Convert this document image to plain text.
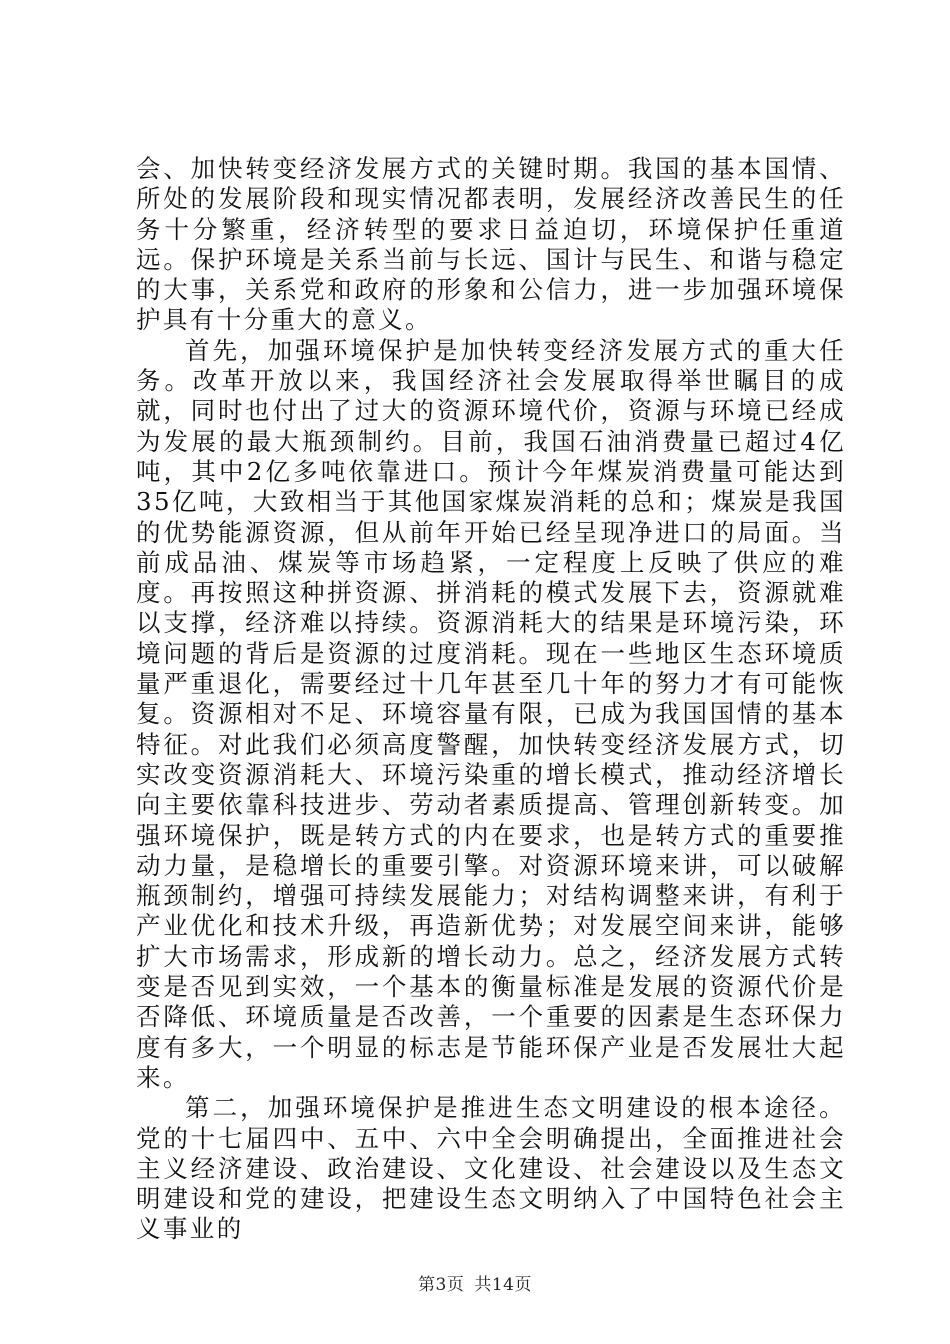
会、加快转变经济发展方式的关键时期。我国的基本国情、所处的发展阶段和现实情况都表明，发展经济改善民生的任务十分繁重，经济转型的要求日益迫切，环境保护任重道远。保护环境是关系当前与长远、国计与民生、和谐与稳定的大事，关系党和政府的形象和公信力，进一步加强环境保护具有十分重大的意义。

首先，加强环境保护是加快转变经济发展方式的重大任务。改革开放以来，我国经济社会发展取得举世瞩目的成就，同时也付出了过大的资源环境代价，资源与环境已经成为发展的最大瓶颈制约。目前，我国石油消费量已超过4亿吨，其中2亿多吨依靠进口。预计今年煤炭消费量可能达到35亿吨，大致相当于其他国家煤炭消耗的总和；煤炭是我国的优势能源资源，但从前年开始已经呈现净进口的局面。当前成品油、煤炭等市场趋紧，一定程度上反映了供应的难度。再按照这种拼资源、拼消耗的模式发展下去，资源就难以支撑，经济难以持续。资源消耗大的结果是环境污染，环境问题的背后是资源的过度消耗。现在一些地区生态环境质量严重退化，需要经过十几年甚至几十年的努力才有可能恢复。资源相对不足、环境容量有限，已成为我国国情的基本特征。对此我们必须高度警醒，加快转变经济发展方式，切实改变资源消耗大、环境污染重的增长模式，推动经济增长向主要依靠科技进步、劳动者素质提高、管理创新转变。加强环境保护，既是转方式的内在要求，也是转方式的重要推动力量，是稳增长的重要引擎。对资源环境来讲，可以破解瓶颈制约，增强可持续发展能力；对结构调整来讲，有利于产业优化和技术升级，再造新优势；对发展空间来讲，能够扩大市场需求，形成新的增长动力。总之，经济发展方式转变是否见到实效，一个基本的衡量标准是发展的资源代价是否降低、环境质量是否改善，一个重要的因素是生态环保力度有多大，一个明显的标志是节能环保产业是否发展壮大起来。

第二，加强环境保护是推进生态文明建设的根本途径。党的十七届四中、五中、六中全会明确提出，全面推进社会主义经济建设、政治建设、文化建设、社会建设以及生态文明建设和党的建设，把建设生态文明纳入了中国特色社会主义事业的

第3页 共14页
